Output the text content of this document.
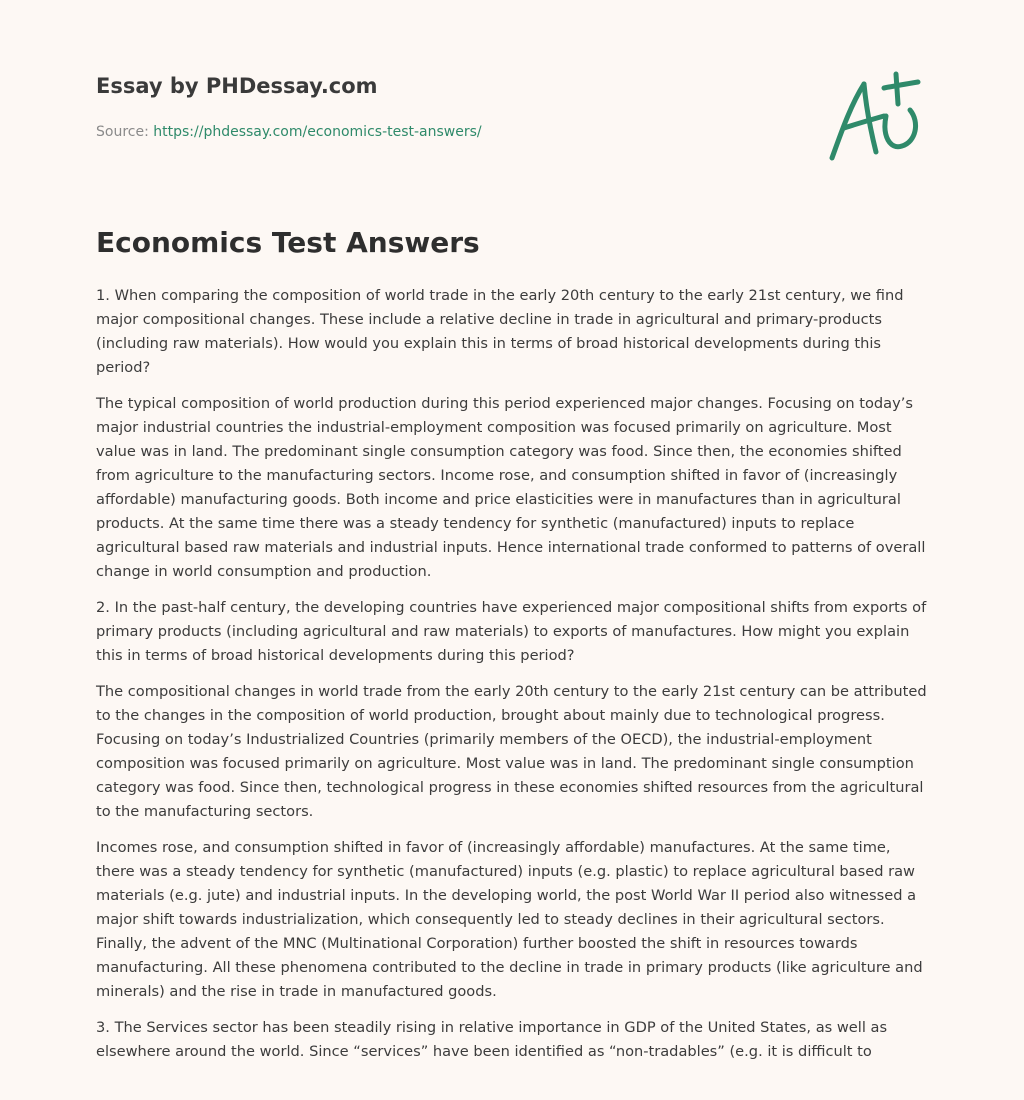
Essay by PHDessay.com
Source: https://phdessay.com/economics-test-answers/
Economics Test Answers

1. When comparing the composition of world trade in the early 20th century to the early 21st century, we find major compositional changes. These include a relative decline in trade in agricultural and primary-products (including raw materials). How would you explain this in terms of broad historical developments during this period?

The typical composition of world production during this period experienced major changes. Focusing on today’s major industrial countries the industrial-employment composition was focused primarily on agriculture. Most value was in land. The predominant single consumption category was food. Since then, the economies shifted from agriculture to the manufacturing sectors. Income rose, and consumption shifted in favor of (increasingly affordable) manufacturing goods. Both income and price elasticities were in manufactures than in agricultural products. At the same time there was a steady tendency for synthetic (manufactured) inputs to replace agricultural based raw materials and industrial inputs. Hence international trade conformed to patterns of overall change in world consumption and production.

2. In the past-half century, the developing countries have experienced major compositional shifts from exports of primary products (including agricultural and raw materials) to exports of manufactures. How might you explain this in terms of broad historical developments during this period?

The compositional changes in world trade from the early 20th century to the early 21st century can be attributed to the changes in the composition of world production, brought about mainly due to technological progress. Focusing on today’s Industrialized Countries (primarily members of the OECD), the industrial-employment composition was focused primarily on agriculture. Most value was in land. The predominant single consumption category was food. Since then, technological progress in these economies shifted resources from the agricultural to the manufacturing sectors.

Incomes rose, and consumption shifted in favor of (increasingly affordable) manufactures. At the same time, there was a steady tendency for synthetic (manufactured) inputs (e.g. plastic) to replace agricultural based raw materials (e.g. jute) and industrial inputs. In the developing world, the post World War II period also witnessed a major shift towards industrialization, which consequently led to steady declines in their agricultural sectors. Finally, the advent of the MNC (Multinational Corporation) further boosted the shift in resources towards manufacturing. All these phenomena contributed to the decline in trade in primary products (like agriculture and minerals) and the rise in trade in manufactured goods.

3. The Services sector has been steadily rising in relative importance in GDP of the United States, as well as elsewhere around the world. Since “services” have been identified as “non-tradables” (e.g. it is difficult to
